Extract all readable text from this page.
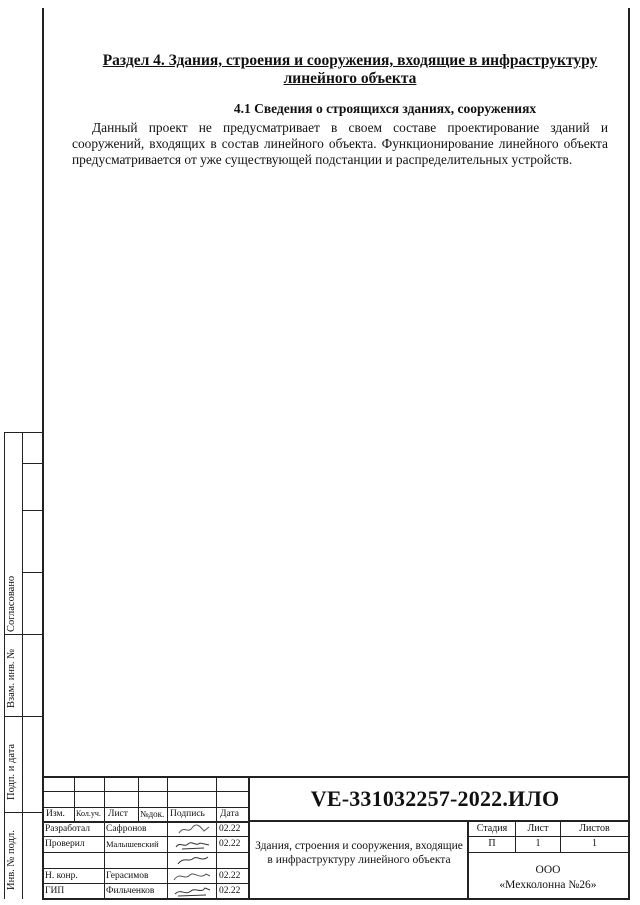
Согласовано
Взам. инв. №
Подп. и дата
Инв. № подл.
Раздел 4. Здания, строения и сооружения, входящие в инфраструктуру линейного объекта
4.1 Сведения о строящихся зданиях, сооружениях
Данный проект не предусматривает в своем составе проектирование зданий и сооружений, входящих в состав линейного объекта. Функционирование линейного объекта предусматривается от уже существующей подстанции и распределительных устройств.
Изм. Кол.уч. Лист №док. Подпись Дата
Разработал Сафронов	02.22
Проверил	Малышевский	02.22
Н. конр.	Герасимов	02.22
ГИП	Фильченков	02.22
VE-331032257-2022.ИЛО
Здания, строения и сооружения, входящие в инфраструктуру линейного объекта
Стадия	Лист	Листов
П	1	1
ООО
«Мехколонна №26»
